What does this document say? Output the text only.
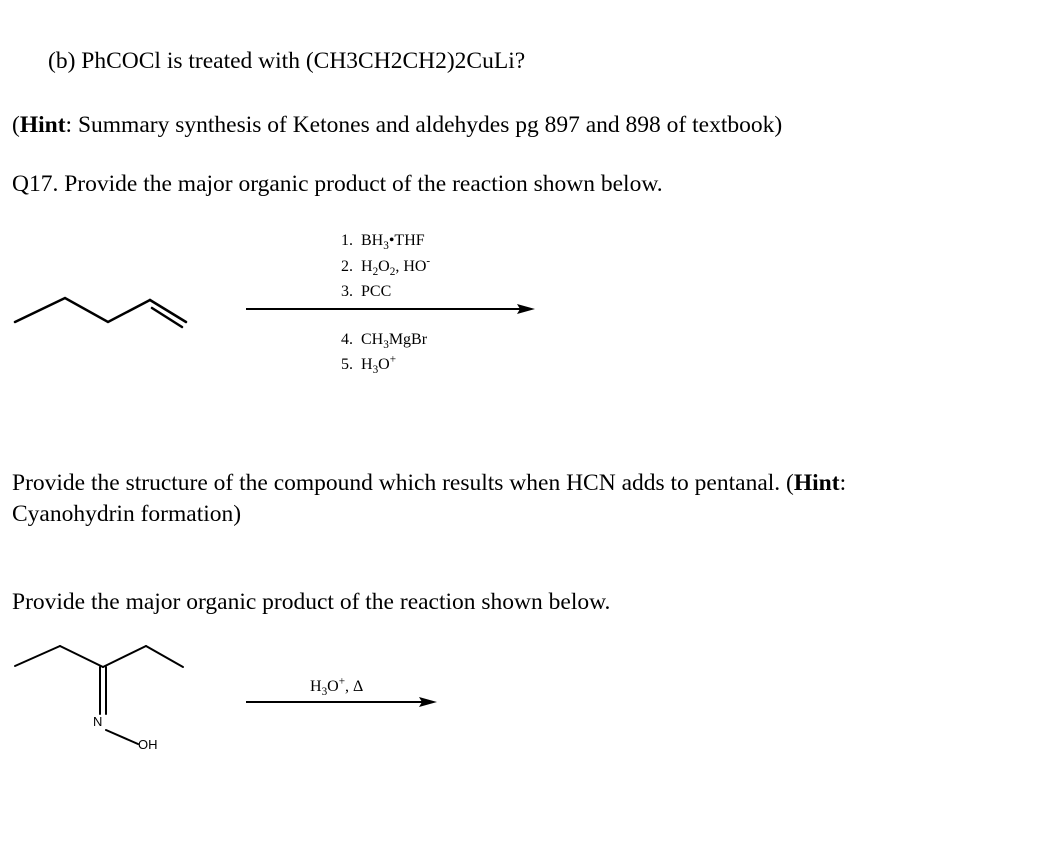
(b) PhCOCl is treated with (CH3CH2CH2)2CuLi?
(Hint: Summary synthesis of Ketones and aldehydes pg 897 and 898 of textbook)
Q17. Provide the major organic product of the reaction shown below.
1. $BH_3•THF$
2. $H_2O_2$, HO-
3. PCC
4. $CH_3MgBr$
5. $H_3O^+$
Provide the structure of the compound which results when HCN adds to pentanal. (Hint:
Cyanohydrin formation)
Provide the major organic product of the reaction shown below.
$H_3O^+$, Δ
N
OH
